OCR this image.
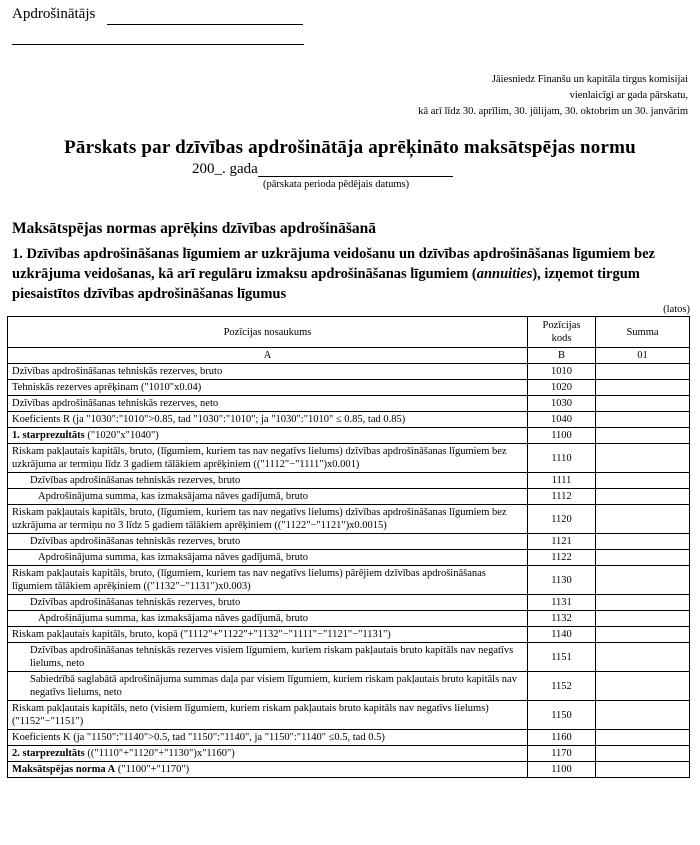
Apdrošinātājs
Jāiesniedz Finanšu un kapitāla tirgus komisijai
vienlaicīgi ar gada pārskatu,
kā arī līdz 30. aprīlim, 30. jūlijam, 30. oktobrim un 30. janvārim
Pārskats par dzīvības apdrošinātāja aprēķināto maksātspējas normu
200_. gada
(pārskata perioda pēdējais datums)
Maksātspējas normas aprēķins dzīvības apdrošināšanā
1. Dzīvības apdrošināšanas līgumiem ar uzkrājuma veidošanu un dzīvības apdrošināšanas līgumiem bez uzkrājuma veidošanas, kā arī regulāru izmaksu apdrošināšanas līgumiem (annuities), izņemot tirgum piesaistītos dzīvības apdrošināšanas līgumus
(latos)
Pozīcijas nosaukums	Pozīcijas kods	Summa
A	B	01
Dzīvības apdrošināšanas tehniskās rezerves, bruto	1010	
Tehniskās rezerves aprēķinam ("1010"x0.04)	1020	
Dzīvības apdrošināšanas tehniskās rezerves, neto	1030	
Koeficients R (ja "1030":"1010">0.85, tad "1030":"1010"; ja "1030":"1010" ≤ 0.85, tad 0.85)	1040	
1. starprezultāts ("1020"x"1040")	1100	
Riskam pakļautais kapitāls, bruto, (līgumiem, kuriem tas nav negatīvs lielums) dzīvības apdrošināšanas līgumiem bez uzkrājuma ar termiņu līdz 3 gadiem tālākiem aprēķiniem (("1112"−"1111")x0.001)	1110	
Dzīvības apdrošināšanas tehniskās rezerves, bruto	1111	
Apdrošinājuma summa, kas izmaksājama nāves gadījumā, bruto	1112	
Riskam pakļautais kapitāls, bruto, (līgumiem, kuriem tas nav negatīvs lielums) dzīvības apdrošināšanas līgumiem bez uzkrājuma ar termiņu no 3 līdz 5 gadiem tālākiem aprēķiniem (("1122"−"1121")x0.0015)	1120	
Dzīvības apdrošināšanas tehniskās rezerves, bruto	1121	
Apdrošinājuma summa, kas izmaksājama nāves gadījumā, bruto	1122	
Riskam pakļautais kapitāls, bruto, (līgumiem, kuriem tas nav negatīvs lielums) pārējiem dzīvības apdrošināšanas līgumiem tālākiem aprēķiniem (("1132"−"1131")x0.003)	1130	
Dzīvības apdrošināšanas tehniskās rezerves, bruto	1131	
Apdrošinājuma summa, kas izmaksājama nāves gadījumā, bruto	1132	
Riskam pakļautais kapitāls, bruto, kopā ("1112"+"1122"+"1132"−"1111"−"1121"−"1131")	1140	
Dzīvības apdrošināšanas tehniskās rezerves visiem līgumiem, kuriem riskam pakļautais bruto kapitāls nav negatīvs lielums, neto	1151	
Sabiedrībā saglabātā apdrošinājuma summas daļa par visiem līgumiem, kuriem riskam pakļautais bruto kapitāls nav negatīvs lielums, neto	1152	
Riskam pakļautais kapitāls, neto (visiem līgumiem, kuriem riskam pakļautais bruto kapitāls nav negatīvs lielums) ("1152"−"1151")	1150	
Koeficients K (ja "1150":"1140">0.5, tad "1150":"1140", ja "1150":"1140" ≤0.5, tad 0.5)	1160	
2. starprezultāts (("1110"+"1120"+"1130")x"1160")	1170	
Maksātspējas norma A ("1100"+"1170")	1100	
